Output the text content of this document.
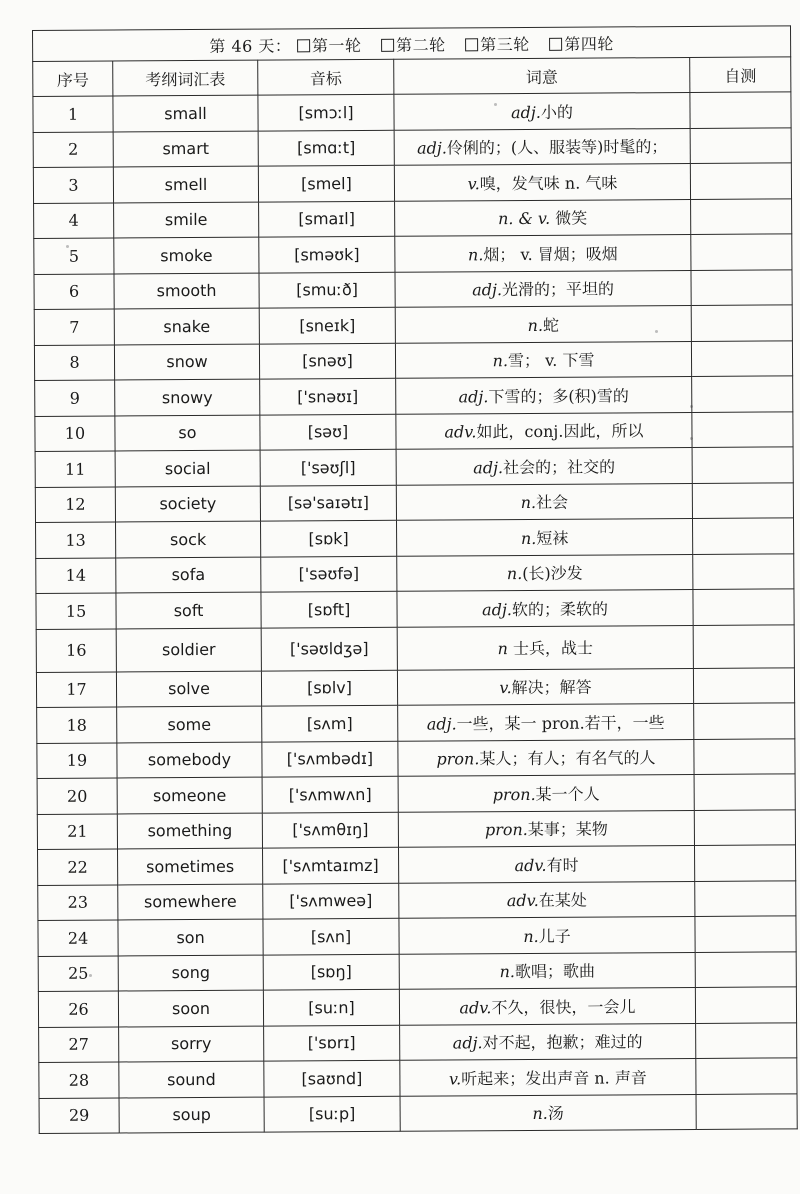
第 46 天： 第一轮 第二轮 第三轮 第四轮				
序号	考纲词汇表	音标	词意	自测
1	small	[smɔːl]	adj.小的	
2	smart	[smɑːt]	adj.伶俐的；(人、服装等)时髦的；	
3	smell	[smel]	v.嗅，发气味 n. 气味	
4	smile	[smaɪl]	n. & v. 微笑	
5	smoke	[sməʊk]	n.烟； v. 冒烟；吸烟	
6	smooth	[smuːð]	adj.光滑的；平坦的	
7	snake	[sneɪk]	n.蛇	
8	snow	[snəʊ]	n.雪； v. 下雪	
9	snowy	['snəʊɪ]	adj.下雪的；多(积)雪的	
10	so	[səʊ]	adv.如此，conj.因此，所以	
11	social	['səʊʃl]	adj.社会的；社交的	
12	society	[sə'saɪətɪ]	n.社会	
13	sock	[sɒk]	n.短袜	
14	sofa	['səʊfə]	n.(长)沙发	
15	soft	[sɒft]	adj.软的；柔软的	
16	soldier	['səʊldʒə]	n 士兵，战士	
17	solve	[sɒlv]	v.解决；解答	
18	some	[sʌm]	adj.一些，某一 pron.若干，一些	
19	somebody	['sʌmbədɪ]	pron.某人；有人；有名气的人	
20	someone	['sʌmwʌn]	pron.某一个人	
21	something	['sʌmθɪŋ]	pron.某事；某物	
22	sometimes	['sʌmtaɪmz]	adv.有时	
23	somewhere	['sʌmweə]	adv.在某处	
24	son	[sʌn]	n.儿子	
25	song	[sɒŋ]	n.歌唱；歌曲	
26	soon	[suːn]	adv.不久，很快，一会儿	
27	sorry	['sɒrɪ]	adj.对不起，抱歉；难过的	
28	sound	[saʊnd]	v.听起来；发出声音 n. 声音	
29	soup	[suːp]	n.汤	
